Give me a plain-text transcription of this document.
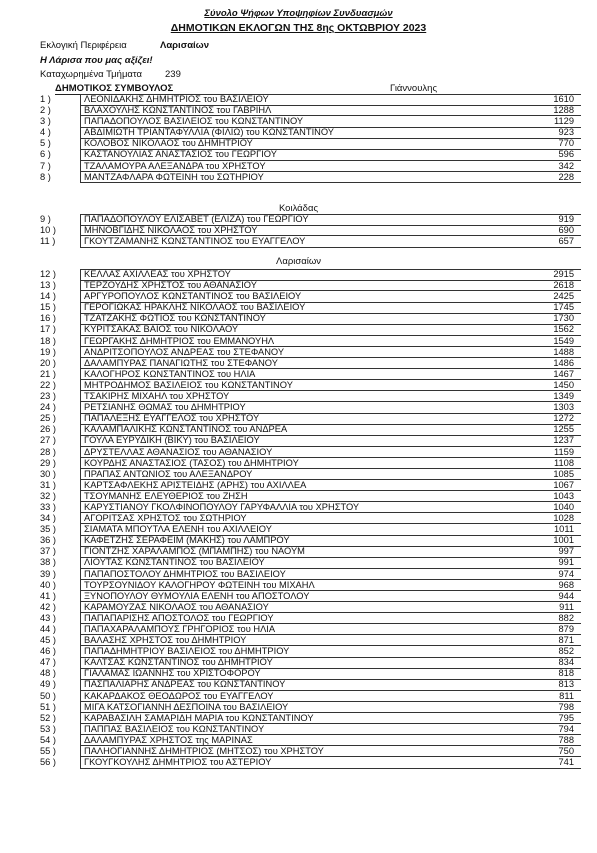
Σύνολο Ψήφων Υποψηφίων Συνδυασμών
ΔΗΜΟΤΙΚΩΝ ΕΚΛΟΓΩΝ ΤΗΣ 8ης ΟΚΤΩΒΡΙΟΥ 2023
Εκλογική Περιφέρεια	Λαρισαίων
Η Λάρισα που μας αξίζει!
Καταχωρημένα Τμήματα 239
ΔΗΜΟΤΙΚΟΣ ΣΥΜΒΟΥΛΟΣ	Γιάννουλης
1 )	ΛΕΟΝΙΔΑΚΗΣ ΔΗΜΗΤΡΙΟΣ του ΒΑΣΙΛΕΙΟΥ	1610
2 )	ΒΛΑΧΟΥΛΗΣ ΚΩΝΣΤΑΝΤΙΝΟΣ του ΓΑΒΡΙΗΛ	1288
3 )	ΠΑΠΑΔΟΠΟΥΛΟΣ ΒΑΣΙΛΕΙΟΣ του ΚΩΝΣΤΑΝΤΙΝΟΥ	1129
4 )	ΑΒΔΙΜΙΩΤΗ ΤΡΙΑΝΤΑΦΥΛΛΙΑ (ΦΙΛΙΩ) του ΚΩΝΣΤΑΝΤΙΝΟΥ	923
5 )	ΚΟΛΟΒΟΣ ΝΙΚΟΛΑΟΣ του ΔΗΜΗΤΡΙΟΥ	770
6 )	ΚΑΣΤΑΝΟΥΛΙΑΣ ΑΝΑΣΤΑΣΙΟΣ του ΓΕΩΡΓΙΟΥ	596
7 )	ΤΖΑΛΑΜΟΥΡΑ ΑΛΕΞΑΝΔΡΑ του ΧΡΗΣΤΟΥ	342
8 )	ΜΑΝΤΖΑΦΛΑΡΑ ΦΩΤΕΙΝΗ του ΣΩΤΗΡΙΟΥ	228
Κοιλάδας
9 )	ΠΑΠΑΔΟΠΟΥΛΟΥ ΕΛΙΣΑΒΕΤ (ΕΛΙΖΑ) του ΓΕΩΡΓΙΟΥ	919
10 )	ΜΗΝΟΒΓΙΔΗΣ ΝΙΚΟΛΑΟΣ του ΧΡΗΣΤΟΥ	690
11 )	ΓΚΟΥΤΖΑΜΑΝΗΣ ΚΩΝΣΤΑΝΤΙΝΟΣ του ΕΥΑΓΓΕΛΟΥ	657
Λαρισαίων
12 )	ΚΕΛΛΑΣ ΑΧΙΛΛΕΑΣ του ΧΡΗΣΤΟΥ	2915
13 )	ΤΕΡΖΟΥΔΗΣ ΧΡΗΣΤΟΣ του ΑΘΑΝΑΣΙΟΥ	2618
14 )	ΑΡΓΥΡΟΠΟΥΛΟΣ ΚΩΝΣΤΑΝΤΙΝΟΣ του ΒΑΣΙΛΕΙΟΥ	2425
15 )	ΓΕΡΟΓΙΩΚΑΣ ΗΡΑΚΛΗΣ ΝΙΚΟΛΑΟΣ του ΒΑΣΙΛΕΙΟΥ	1745
16 )	ΤΖΑΤΖΑΚΗΣ ΦΩΤΙΟΣ του ΚΩΝΣΤΑΝΤΙΝΟΥ	1730
17 )	ΚΥΡΙΤΣΑΚΑΣ ΒΑΪΟΣ του ΝΙΚΟΛΑΟΥ	1562
18 )	ΓΕΩΡΓΑΚΗΣ ΔΗΜΗΤΡΙΟΣ του ΕΜΜΑΝΟΥΗΛ	1549
19 )	ΑΝΔΡΙΤΣΟΠΟΥΛΟΣ ΑΝΔΡΕΑΣ του ΣΤΕΦΑΝΟΥ	1488
20 )	ΔΑΛΑΜΠΥΡΑΣ ΠΑΝΑΓΙΩΤΗΣ του ΣΤΕΦΑΝΟΥ	1486
21 )	ΚΑΛΟΓΗΡΟΣ ΚΩΝΣΤΑΝΤΙΝΟΣ του ΗΛΙΑ	1467
22 )	ΜΗΤΡΟΔΗΜΟΣ ΒΑΣΙΛΕΙΟΣ του ΚΩΝΣΤΑΝΤΙΝΟΥ	1450
23 )	ΤΣΑΚΙΡΗΣ ΜΙΧΑΗΛ του ΧΡΗΣΤΟΥ	1349
24 )	ΡΕΤΣΙΑΝΗΣ ΘΩΜΑΣ του ΔΗΜΗΤΡΙΟΥ	1303
25 )	ΠΑΠΑΛΕΞΗΣ ΕΥΑΓΓΕΛΟΣ του ΧΡΗΣΤΟΥ	1272
26 )	ΚΑΛΑΜΠΑΛΙΚΗΣ ΚΩΝΣΤΑΝΤΙΝΟΣ του ΑΝΔΡΕΑ	1255
27 )	ΓΟΥΛΑ ΕΥΡΥΔΙΚΗ (ΒΙΚΥ) του ΒΑΣΙΛΕΙΟΥ	1237
28 )	ΔΡΥΣΤΕΛΛΑΣ ΑΘΑΝΑΣΙΟΣ του ΑΘΑΝΑΣΙΟΥ	1159
29 )	ΚΟΥΡΔΗΣ ΑΝΑΣΤΑΣΙΟΣ (ΤΑΣΟΣ) του ΔΗΜΗΤΡΙΟΥ	1108
30 )	ΠΡΑΠΑΣ ΑΝΤΩΝΙΟΣ του ΑΛΕΞΑΝΔΡΟΥ	1085
31 )	ΚΑΡΤΣΑΦΛΕΚΗΣ ΑΡΙΣΤΕΙΔΗΣ (ΑΡΗΣ) του ΑΧΙΛΛΕΑ	1067
32 )	ΤΣΟΥΜΑΝΗΣ ΕΛΕΥΘΕΡΙΟΣ του ΖΗΣΗ	1043
33 )	ΚΑΡΥΣΤΙΑΝΟΥ ΓΚΟΛΦΙΝΟΠΟΥΛΟΥ ΓΑΡΥΦΑΛΛΙΑ του ΧΡΗΣΤΟΥ	1040
34 )	ΑΓΟΡΙΤΣΑΣ ΧΡΗΣΤΟΣ του ΣΩΤΗΡΙΟΥ	1028
35 )	ΣΙΑΜΑΤΑ ΜΠΟΥΤΛΑ ΕΛΕΝΗ του ΑΧΙΛΛΕΙΟΥ	1011
36 )	ΚΑΦΕΤΖΗΣ ΣΕΡΑΦΕΙΜ (ΜΑΚΗΣ) του ΛΑΜΠΡΟΥ	1001
37 )	ΓΙΟΝΤΖΗΣ ΧΑΡΑΛΑΜΠΟΣ (ΜΠΑΜΠΗΣ) του ΝΑΟΥΜ	997
38 )	ΛΙΟΥΤΑΣ ΚΩΝΣΤΑΝΤΙΝΟΣ του ΒΑΣΙΛΕΙΟΥ	991
39 )	ΠΑΠΑΠΟΣΤΟΛΟΥ ΔΗΜΗΤΡΙΟΣ του ΒΑΣΙΛΕΙΟΥ	974
40 )	ΤΟΥΡΣΟΥΝΙΔΟΥ ΚΑΛΟΓΗΡΟΥ ΦΩΤΕΙΝΗ του ΜΙΧΑΗΛ	968
41 )	ΞΥΝΟΠΟΥΛΟΥ ΘΥΜΟΥΛΙΑ ΕΛΕΝΗ του ΑΠΟΣΤΟΛΟΥ	944
42 )	ΚΑΡΑΜΟΥΖΑΣ ΝΙΚΟΛΑΟΣ του ΑΘΑΝΑΣΙΟΥ	911
43 )	ΠΑΠΑΠΑΡΙΣΗΣ ΑΠΟΣΤΟΛΟΣ του ΓΕΩΡΓΙΟΥ	882
44 )	ΠΑΠΑΧΑΡΑΛΑΜΠΟΥΣ ΓΡΗΓΟΡΙΟΣ του ΗΛΙΑ	879
45 )	ΒΑΛΑΣΗΣ ΧΡΗΣΤΟΣ του ΔΗΜΗΤΡΙΟΥ	871
46 )	ΠΑΠΑΔΗΜΗΤΡΙΟΥ ΒΑΣΙΛΕΙΟΣ του ΔΗΜΗΤΡΙΟΥ	852
47 )	ΚΑΛΤΣΑΣ ΚΩΝΣΤΑΝΤΙΝΟΣ του ΔΗΜΗΤΡΙΟΥ	834
48 )	ΓΙΑΛΑΜΑΣ ΙΩΑΝΝΗΣ του ΧΡΙΣΤΟΦΟΡΟΥ	818
49 )	ΠΑΣΠΑΛΙΑΡΗΣ ΑΝΔΡΕΑΣ του ΚΩΝΣΤΑΝΤΙΝΟΥ	813
50 )	ΚΑΚΑΡΔΑΚΟΣ ΘΕΟΔΩΡΟΣ του ΕΥΑΓΓΕΛΟΥ	811
51 )	ΜΙΓΑ ΚΑΤΣΟΓΙΑΝΝΗ ΔΕΣΠΟΙΝΑ του ΒΑΣΙΛΕΙΟΥ	798
52 )	ΚΑΡΑΒΑΣΙΛΗ ΣΑΜΑΡΙΔΗ ΜΑΡΙΑ του ΚΩΝΣΤΑΝΤΙΝΟΥ	795
53 )	ΠΑΠΠΑΣ ΒΑΣΙΛΕΙΟΣ του ΚΩΝΣΤΑΝΤΙΝΟΥ	794
54 )	ΔΑΛΑΜΠΥΡΑΣ ΧΡΗΣΤΟΣ της ΜΑΡΙΝΑΣ	788
55 )	ΠΑΛΗΟΓΙΑΝΝΗΣ ΔΗΜΗΤΡΙΟΣ (ΜΗΤΣΟΣ) του ΧΡΗΣΤΟΥ	750
56 )	ΓΚΟΥΓΚΟΥΛΗΣ ΔΗΜΗΤΡΙΟΣ του ΑΣΤΕΡΙΟΥ	741
